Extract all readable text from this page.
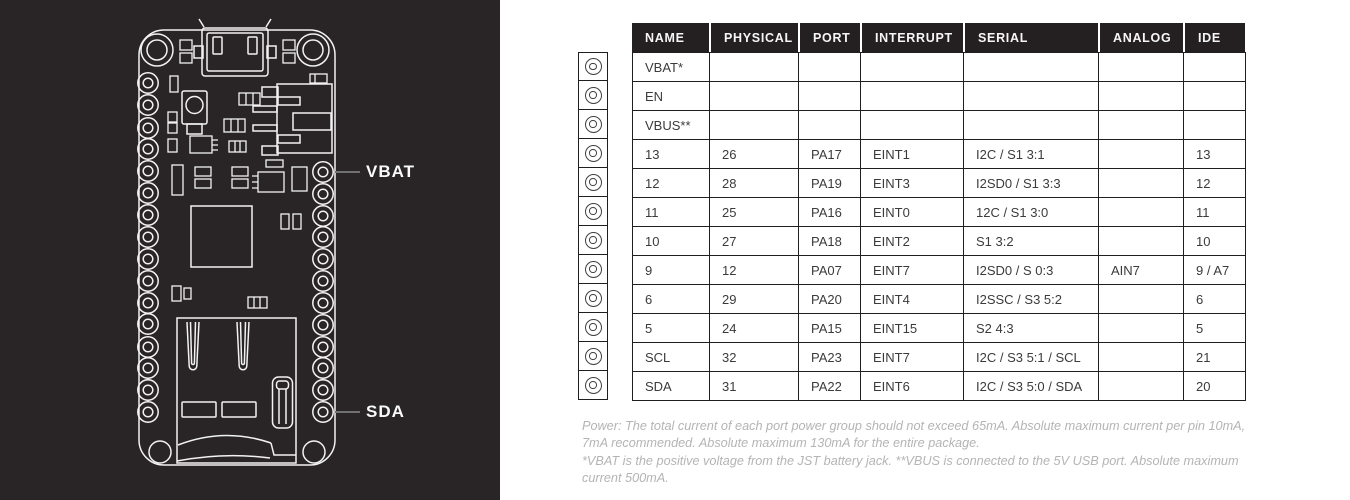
VBAT
SDA
NAME	PHYSICAL	PORT	INTERRUPT	SERIAL	ANALOG	IDE
VBAT*						
EN						
VBUS**						
13	26	PA17	EINT1	I2C / S1 3:1		13
12	28	PA19	EINT3	I2SD0 / S1 3:3		12
11	25	PA16	EINT0	12C / S1 3:0		11
10	27	PA18	EINT2	S1 3:2		10
9	12	PA07	EINT7	I2SD0 / S 0:3	AIN7	9 / A7
6	29	PA20	EINT4	I2SSC / S3 5:2		6
5	24	PA15	EINT15	S2 4:3		5
SCL	32	PA23	EINT7	I2C / S3 5:1 / SCL		21
SDA	31	PA22	EINT6	I2C / S3 5:0 / SDA		20

Power: The total current of each port power group should not exceed 65mA. Absolute maximum current per pin 10mA, 7mA recommended. Absolute maximum 130mA for the entire package.

*VBAT is the positive voltage from the JST battery jack. **VBUS is connected to the 5V USB port. Absolute maximum current 500mA.
